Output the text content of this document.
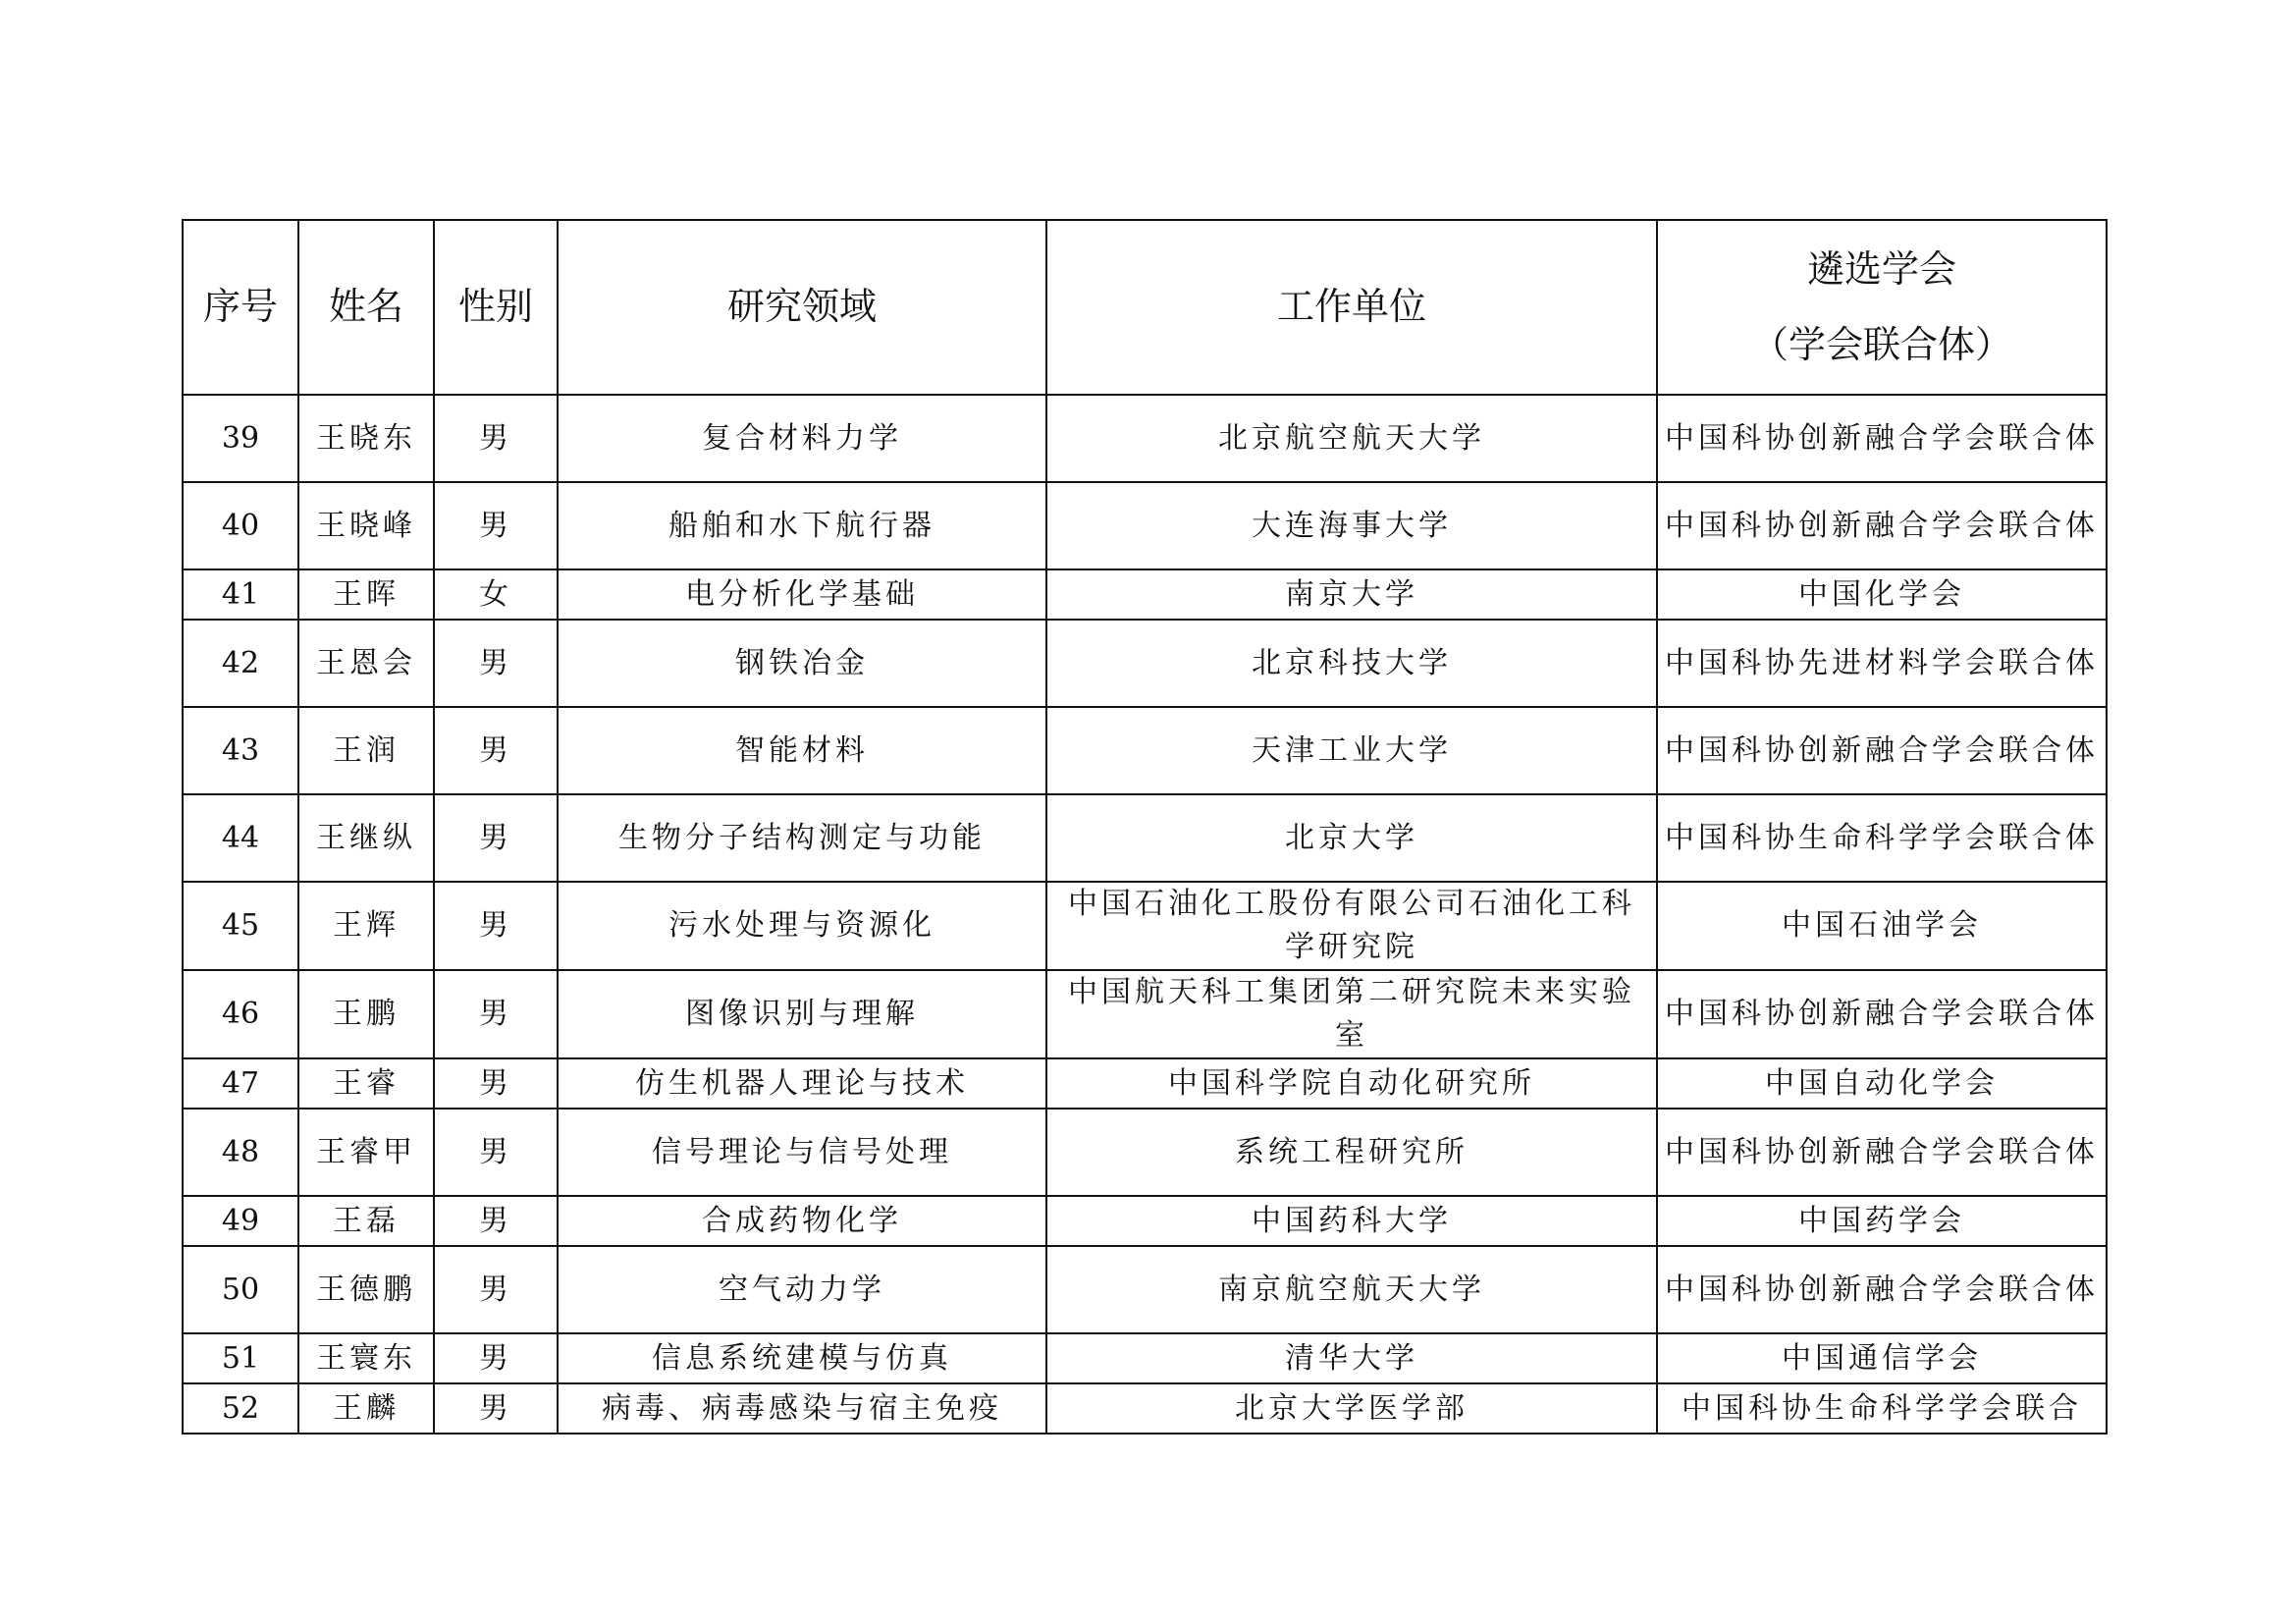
序号	姓名	性别	研究领域	工作单位	遴选学会
（学会联合体）

39	王晓东	男	复合材料力学	北京航空航天大学	中国科协创新融合学会联合体
40	王晓峰	男	船舶和水下航行器	大连海事大学	中国科协创新融合学会联合体
41	王晖	女	电分析化学基础	南京大学	中国化学会
42	王恩会	男	钢铁冶金	北京科技大学	中国科协先进材料学会联合体
43	王润	男	智能材料	天津工业大学	中国科协创新融合学会联合体
44	王继纵	男	生物分子结构测定与功能	北京大学	中国科协生命科学学会联合体
45	王辉	男	污水处理与资源化	中国石油化工股份有限公司石油化工科学研究院	中国石油学会
46	王鹏	男	图像识别与理解	中国航天科工集团第二研究院未来实验室	中国科协创新融合学会联合体
47	王睿	男	仿生机器人理论与技术	中国科学院自动化研究所	中国自动化学会
48	王睿甲	男	信号理论与信号处理	系统工程研究所	中国科协创新融合学会联合体
49	王磊	男	合成药物化学	中国药科大学	中国药学会
50	王德鹏	男	空气动力学	南京航空航天大学	中国科协创新融合学会联合体
51	王寰东	男	信息系统建模与仿真	清华大学	中国通信学会
52	王麟	男	病毒、病毒感染与宿主免疫	北京大学医学部	中国科协生命科学学会联合
